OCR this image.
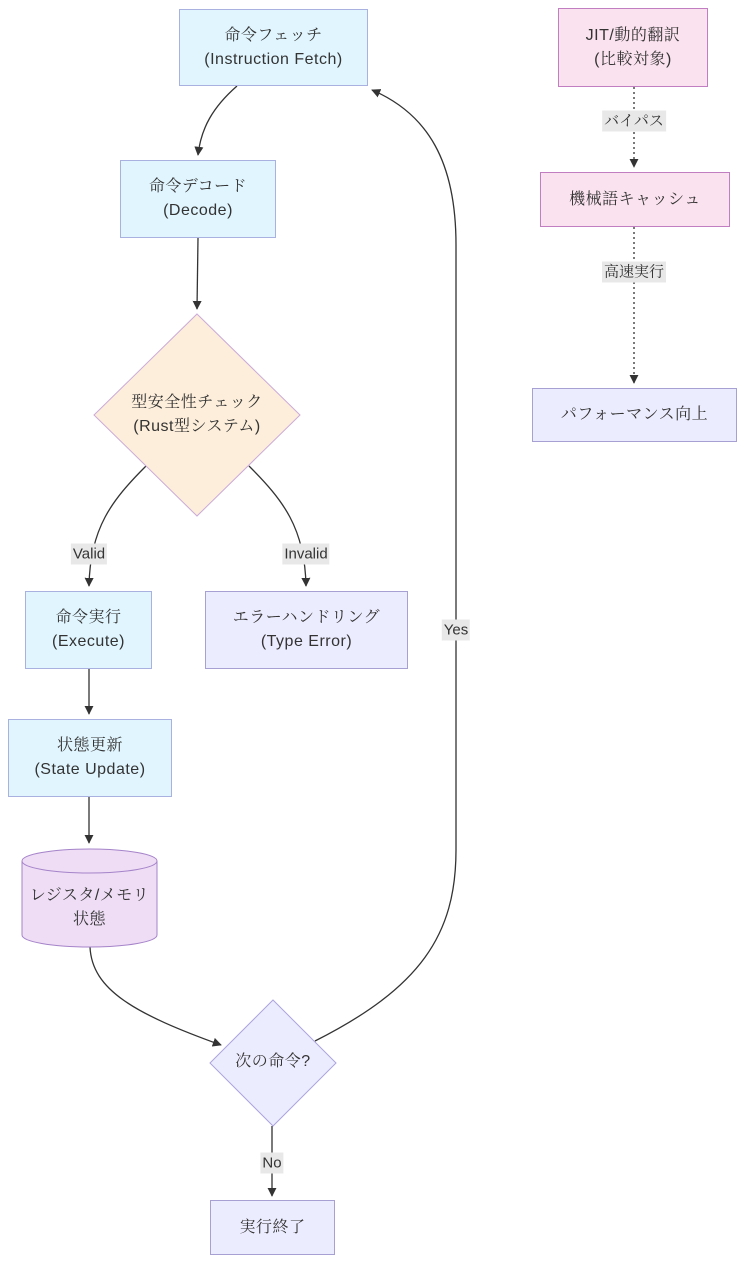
命令フェッチ
(Instruction Fetch)
命令デコード
(Decode)
型安全性チェック
(Rust型システム)
命令実行
(Execute)
エラーハンドリング
(Type Error)
状態更新
(State Update)
レジスタ/メモリ
状態
次の命令?
実行終了
JIT/動的翻訳
(比較対象)
機械語キャッシュ
パフォーマンス向上
Valid	Invalid
Yes
No
バイパス
高速実行
